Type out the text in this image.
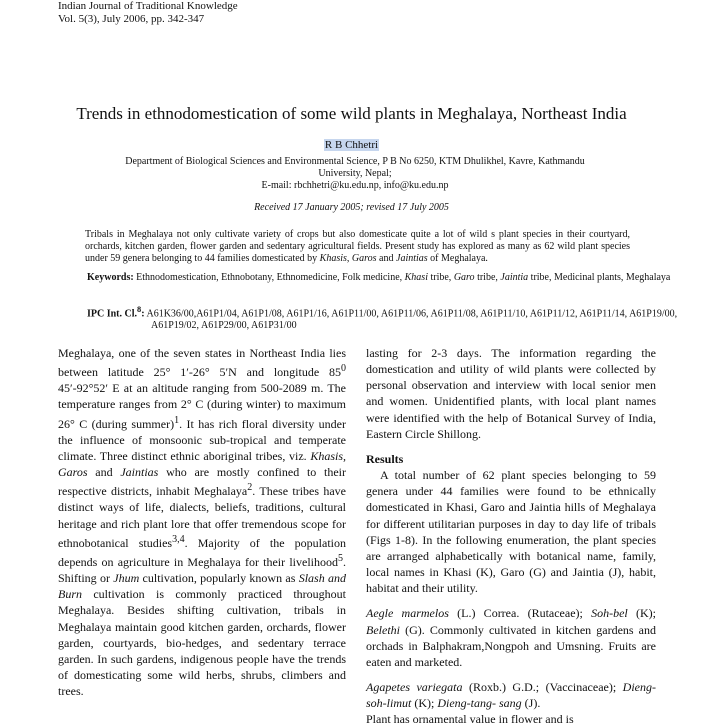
Indian Journal of Traditional Knowledge
Vol. 5(3), July 2006, pp. 342-347
Trends in ethnodomestication of some wild plants in Meghalaya, Northeast India
R B Chhetri
Department of Biological Sciences and Environmental Science, P B No 6250, KTM Dhulikhel, Kavre, Kathmandu
University, Nepal;
E-mail: rbchhetri@ku.edu.np, info@ku.edu.np
Received 17 January 2005; revised 17 July 2005
Tribals in Meghalaya not only cultivate variety of crops but also domesticate quite a lot of wild s plant species in their courtyard, orchards, kitchen garden, flower garden and sedentary agricultural fields. Present study has explored as many as 62 wild plant species under 59 genera belonging to 44 families domesticated by Khasis, Garos and Jaintias of Meghalaya.
Keywords: Ethnodomestication, Ethnobotany, Ethnomedicine, Folk medicine, Khasi tribe, Garo tribe, Jaintia tribe, Medicinal plants, Meghalaya
IPC Int. Cl.$^8$: A61K36/00,A61P1/04, A61P1/08, A61P1/16, A61P11/00, A61P11/06, A61P11/08, A61P11/10, A61P11/12, A61P11/14, A61P19/00, A61P19/02, A61P29/00, A61P31/00

Meghalaya, one of the seven states in Northeast India lies between latitude 25° 1′-26° 5′N and longitude $85^0$ 45′-92°52′ E at an altitude ranging from 500-2089 m. The temperature ranges from 2° C (during winter) to maximum 26° C (during summer)$^1$. It has rich floral diversity under the influence of monsoonic sub-tropical and temperate climate. Three distinct ethnic aboriginal tribes, viz. Khasis, Garos and Jaintias who are mostly confined to their respective districts, inhabit Meghalaya$^2$. These tribes have distinct ways of life, dialects, beliefs, traditions, cultural heritage and rich plant lore that offer tremendous scope for ethnobotanical studies$^{3,4}$. Majority of the population depends on agriculture in Meghalaya for their livelihood$^5$. Shifting or Jhum cultivation, popularly known as Slash and Burn cultivation is commonly practiced throughout Meghalaya. Besides shifting cultivation, tribals in Meghalaya maintain good kitchen garden, orchards, flower garden, courtyards, bio-hedges, and sedentary terrace garden. In such gardens, indigenous people have the trends of domesticating some wild herbs, shrubs, climbers and trees.

lasting for 2-3 days. The information regarding the domestication and utility of wild plants were collected by personal observation and interview with local senior men and women. Unidentified plants, with local plant names were identified with the help of Botanical Survey of India, Eastern Circle Shillong.

Results

A total number of 62 plant species belonging to 59 genera under 44 families were found to be ethnically domesticated in Khasi, Garo and Jaintia hills of Meghalaya for different utilitarian purposes in day to day life of tribals (Figs 1-8). In the following enumeration, the plant species are arranged alphabetically with botanical name, family, local names in Khasi (K), Garo (G) and Jaintia (J), habit, habitat and their utility.

Aegle marmelos (L.) Correa. (Rutaceae); Soh-bel (K); Belethi (G). Commonly cultivated in kitchen gardens and orchads in Balphakram,Nongpoh and Umsning. Fruits are eaten and marketed.

Agapetes variegata (Roxb.) G.D.; (Vaccinaceae); Dieng-soh-limut (K); Dieng-tang- sang (J).

Plant has ornamental value in flower and is
